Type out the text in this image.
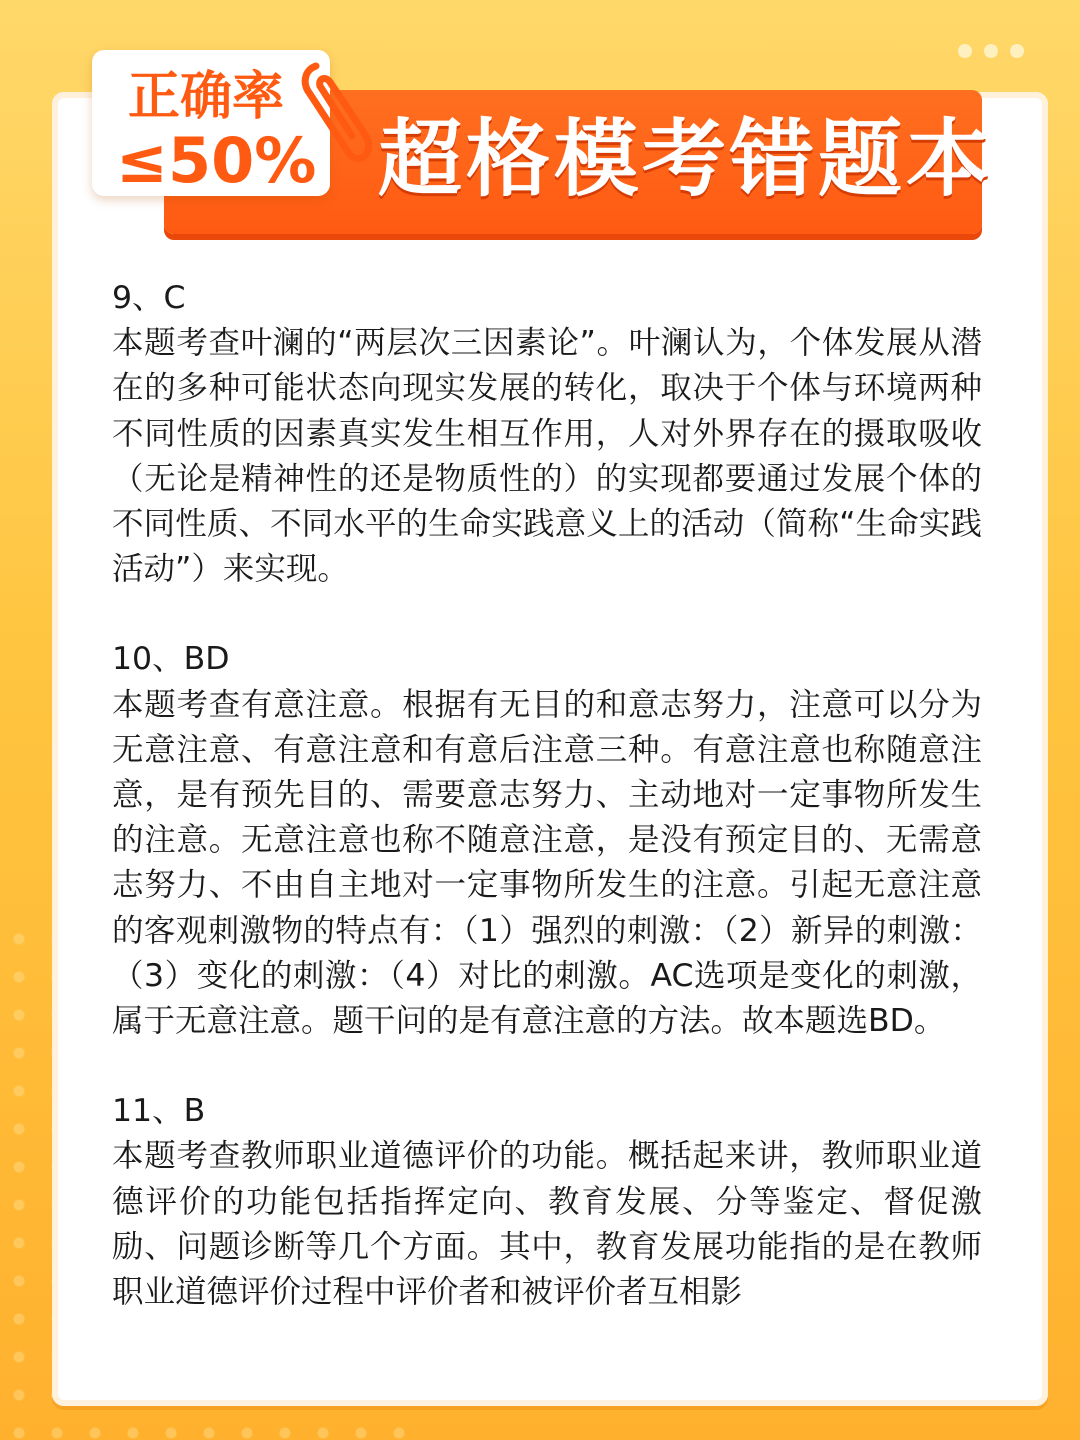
超格模考错题本
正确率
≤50%
9、C
本题考查叶澜的“两层次三因素论”。叶澜认为，个体发展从潜在的多种可能状态向现实发展的转化，取决于个体与环境两种不同性质的因素真实发生相互作用，人对外界存在的摄取吸收（无论是精神性的还是物质性的）的实现都要通过发展个体的不同性质、不同水平的生命实践意义上的活动（简称“生命实践活动”）来实现。
10、BD
本题考查有意注意。根据有无目的和意志努力，注意可以分为无意注意、有意注意和有意后注意三种。有意注意也称随意注意，是有预先目的、需要意志努力、主动地对一定事物所发生的注意。无意注意也称不随意注意，是没有预定目的、无需意志努力、不由自主地对一定事物所发生的注意。引起无意注意的客观刺激物的特点有：（1）强烈的刺激：（2）新异的刺激：（3）变化的刺激：（4）对比的刺激。AC选项是变化的刺激，属于无意注意。题干问的是有意注意的方法。故本题选BD。
11、B
本题考查教师职业道德评价的功能。概括起来讲，教师职业道德评价的功能包括指挥定向、教育发展、分等鉴定、督促激励、问题诊断等几个方面。其中，教育发展功能指的是在教师职业道德评价过程中评价者和被评价者互相影
